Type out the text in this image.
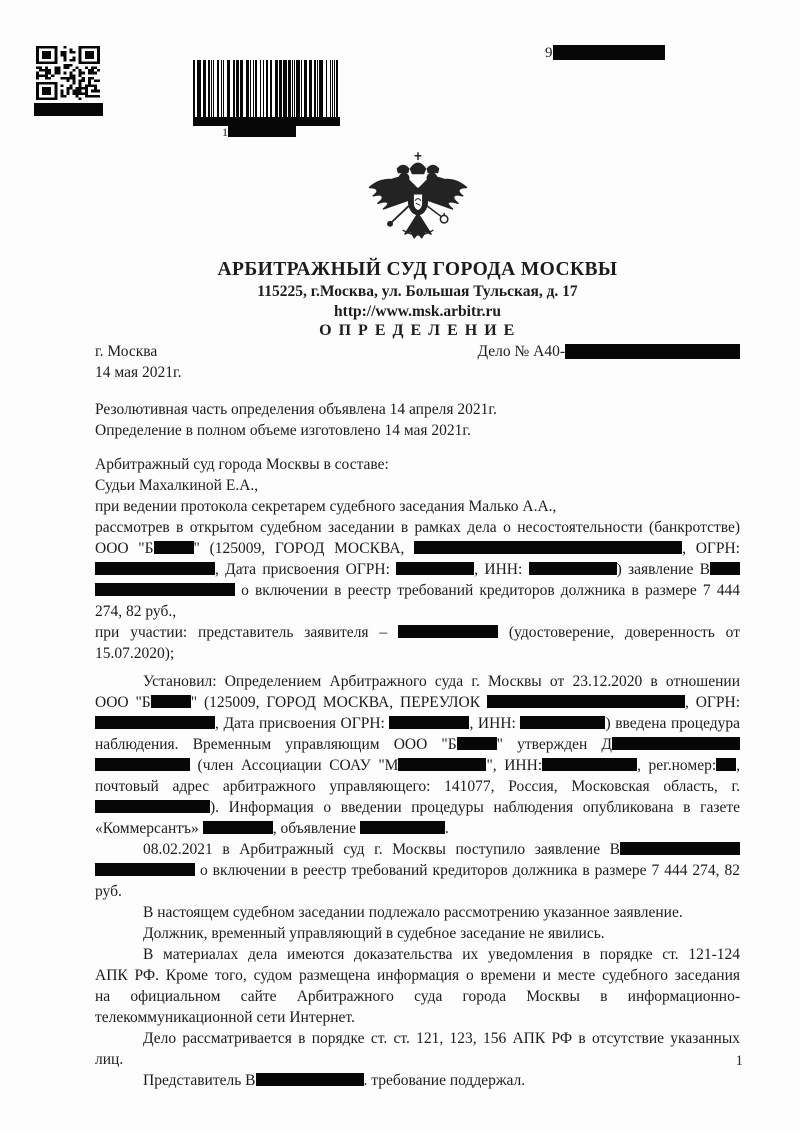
1
9
АРБИТРАЖНЫЙ СУД ГОРОДА МОСКВЫ
115225, г.Москва, ул. Большая Тульская, д. 17
http://www.msk.arbitr.ru
О П Р Е Д Е Л Е Н И Е
г. Москва	Дело № А40-
14 мая 2021г.
Резолютивная часть определения объявлена 14 апреля 2021г.
Определение в полном объеме изготовлено 14 мая 2021г.
Арбитражный суд города Москвы в составе:
Судьи Махалкиной Е.А.,
при ведении протокола секретарем судебного заседания Малько А.А.,
рассмотрев в открытом судебном заседании в рамках дела о несостоятельности (банкротстве)
ООО "Б	" (125009, ГОРОД МОСКВА,	, ОГРН:
, Дата присвоения ОГРН:	, ИНН:	) заявление В
о включении в реестр требований кредиторов должника в размере 7 444
274, 82 руб.,
при участии: представитель заявителя –	(удостоверение, доверенность от
15.07.2020);
Установил: Определением Арбитражного суда г. Москвы от 23.12.2020 в отношении
ООО "Б	" (125009, ГОРОД МОСКВА, ПЕРЕУЛОК	, ОГРН:
, Дата присвоения ОГРН:	, ИНН:	) введена процедура
наблюдения. Временным управляющим ООО "Б	" утвержден Д
(член Ассоциации СОАУ "М	", ИНН:	, рег.номер: ,
почтовый адрес арбитражного управляющего: 141077, Россия, Московская область, г.
). Информация о введении процедуры наблюдения опубликована в газете
«Коммерсантъ»	, объявление	.
08.02.2021 в Арбитражный суд г. Москвы поступило заявление В
о включении в реестр требований кредиторов должника в размере 7 444 274, 82
руб.
В настоящем судебном заседании подлежало рассмотрению указанное заявление.
Должник, временный управляющий в судебное заседание не явились.
В материалах дела имеются доказательства их уведомления в порядке ст. 121-124
АПК РФ. Кроме того, судом размещена информация о времени и месте судебного заседания
на официальном сайте Арбитражного суда города Москвы в информационно-
телекоммуникационной сети Интернет.
Дело рассматривается в порядке ст. ст. 121, 123, 156 АПК РФ в отсутствие указанных
лиц.
Представитель В	. требование поддержал.
1
